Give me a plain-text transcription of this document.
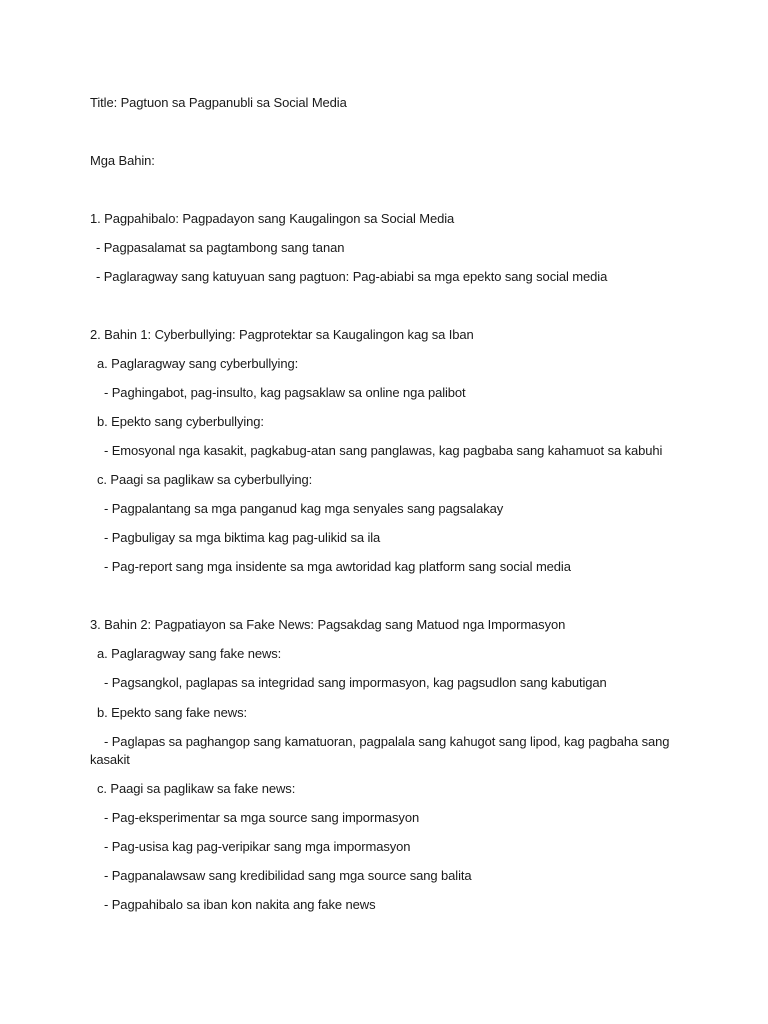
Title: Pagtuon sa Pagpanubli sa Social Media
Mga Bahin:
1. Pagpahibalo: Pagpadayon sang Kaugalingon sa Social Media
- Pagpasalamat sa pagtambong sang tanan
- Paglaragway sang katuyuan sang pagtuon: Pag-abiabi sa mga epekto sang social media
2. Bahin 1: Cyberbullying: Pagprotektar sa Kaugalingon kag sa Iban
a. Paglaragway sang cyberbullying:
- Paghingabot, pag-insulto, kag pagsaklaw sa online nga palibot
b. Epekto sang cyberbullying:
- Emosyonal nga kasakit, pagkabug-atan sang panglawas, kag pagbaba sang kahamuot sa kabuhi
c. Paagi sa paglikaw sa cyberbullying:
- Pagpalantang sa mga panganud kag mga senyales sang pagsalakay
- Pagbuligay sa mga biktima kag pag-ulikid sa ila
- Pag-report sang mga insidente sa mga awtoridad kag platform sang social media
3. Bahin 2: Pagpatiayon sa Fake News: Pagsakdag sang Matuod nga Impormasyon
a. Paglaragway sang fake news:
- Pagsangkol, paglapas sa integridad sang impormasyon, kag pagsudlon sang kabutigan
b. Epekto sang fake news:
- Paglapas sa paghangop sang kamatuoran, pagpalala sang kahugot sang lipod, kag pagbaha sang
kasakit
c. Paagi sa paglikaw sa fake news:
- Pag-eksperimentar sa mga source sang impormasyon
- Pag-usisa kag pag-veripikar sang mga impormasyon
- Pagpanalawsaw sang kredibilidad sang mga source sang balita
- Pagpahibalo sa iban kon nakita ang fake news
